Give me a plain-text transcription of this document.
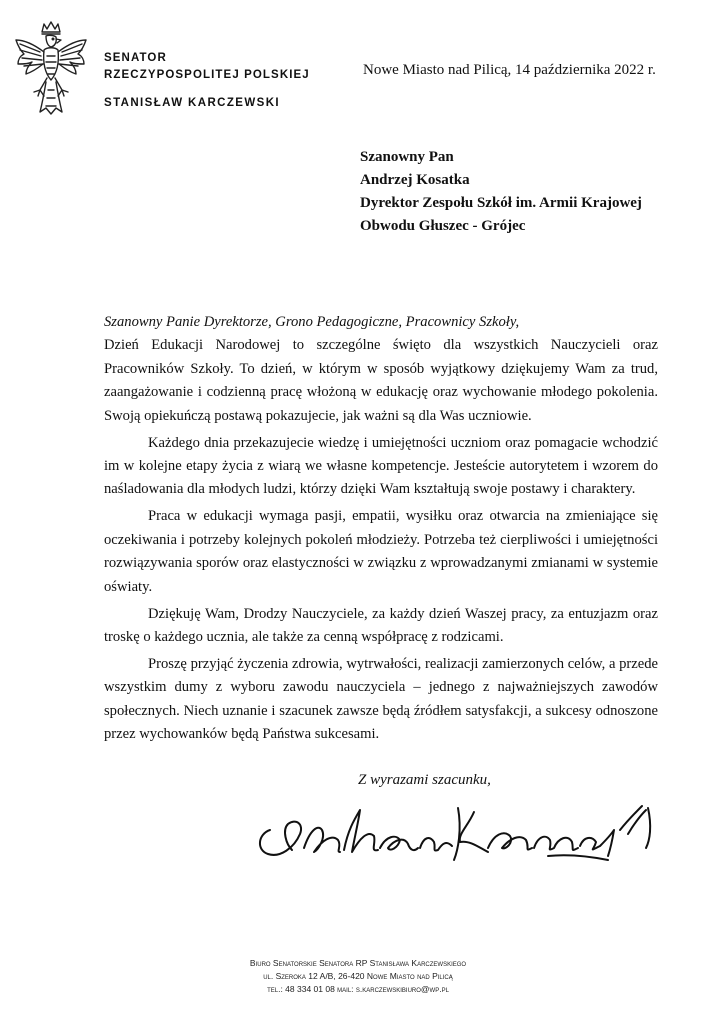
SENATOR
RZECZYPOSPOLITEJ POLSKIEJ
STANISŁAW KARCZEWSKI
Nowe Miasto nad Pilicą, 14 października 2022 r.
Szanowny Pan
Andrzej Kosatka
Dyrektor Zespołu Szkół im. Armii Krajowej
Obwodu Głuszec - Grójec
Szanowny Panie Dyrektorze, Grono Pedagogiczne, Pracownicy Szkoły,

Dzień Edukacji Narodowej to szczególne święto dla wszystkich Nauczycieli oraz Pracowników Szkoły. To dzień, w którym w sposób wyjątkowy dziękujemy Wam za trud, zaangażowanie i codzienną pracę włożoną w edukację oraz wychowanie młodego pokolenia. Swoją opiekuńczą postawą pokazujecie, jak ważni są dla Was uczniowie.

Każdego dnia przekazujecie wiedzę i umiejętności uczniom oraz pomagacie wchodzić im w kolejne etapy życia z wiarą we własne kompetencje. Jesteście autorytetem i wzorem do naśladowania dla młodych ludzi, którzy dzięki Wam kształtują swoje postawy i charaktery.

Praca w edukacji wymaga pasji, empatii, wysiłku oraz otwarcia na zmieniające się oczekiwania i potrzeby kolejnych pokoleń młodzieży. Potrzeba też cierpliwości i umiejętności rozwiązywania sporów oraz elastyczności w związku z wprowadzanymi zmianami w systemie oświaty.

Dziękuję Wam, Drodzy Nauczyciele, za każdy dzień Waszej pracy, za entuzjazm oraz troskę o każdego ucznia, ale także za cenną współpracę z rodzicami.

Proszę przyjąć życzenia zdrowia, wytrwałości, realizacji zamierzonych celów, a przede wszystkim dumy z wyboru zawodu nauczyciela – jednego z najważniejszych zawodów społecznych. Niech uznanie i szacunek zawsze będą źródłem satysfakcji, a sukcesy odnoszone przez wychowanków będą Państwa sukcesami.

Z wyrazami szacunku,
Biuro Senatorskie Senatora RP Stanisława Karczewskiego
ul. Szeroka 12 A/B, 26-420 Nowe Miasto nad Pilicą
tel.: 48 334 01 08 mail: s.karczewskibiuro@wp.pl
